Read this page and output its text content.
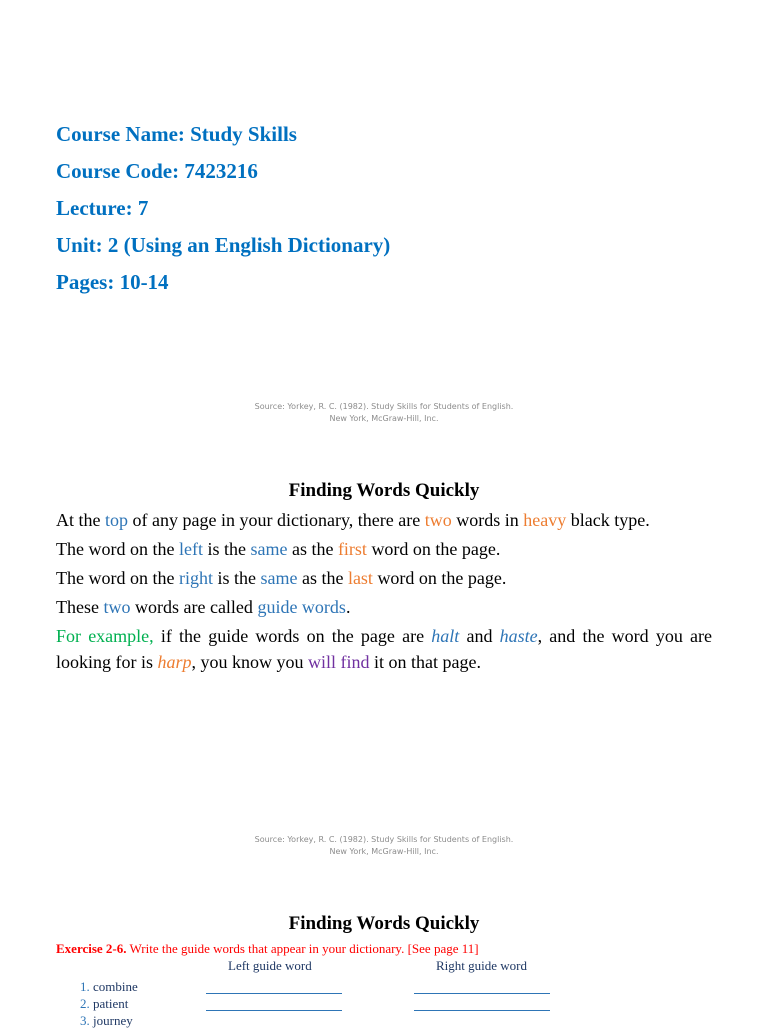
Course Name: Study Skills
Course Code: 7423216
Lecture: 7
Unit: 2 (Using an English Dictionary)
Pages: 10-14
Source: Yorkey, R. C. (1982). Study Skills for Students of English.
New York, McGraw-Hill, Inc.
Finding Words Quickly

At the top of any page in your dictionary, there are two words in heavy black type.

The word on the left is the same as the first word on the page.

The word on the right is the same as the last word on the page.

These two words are called guide words.

For example, if the guide words on the page are halt and haste, and the word you are looking for is harp, you know you will find it on that page.

Source: Yorkey, R. C. (1982). Study Skills for Students of English.
New York, McGraw-Hill, Inc.
Finding Words Quickly
Exercise 2-6. Write the guide words that appear in your dictionary. [See page 11]
Left guide word	Right guide word
1. combine
2. patient
3. journey
